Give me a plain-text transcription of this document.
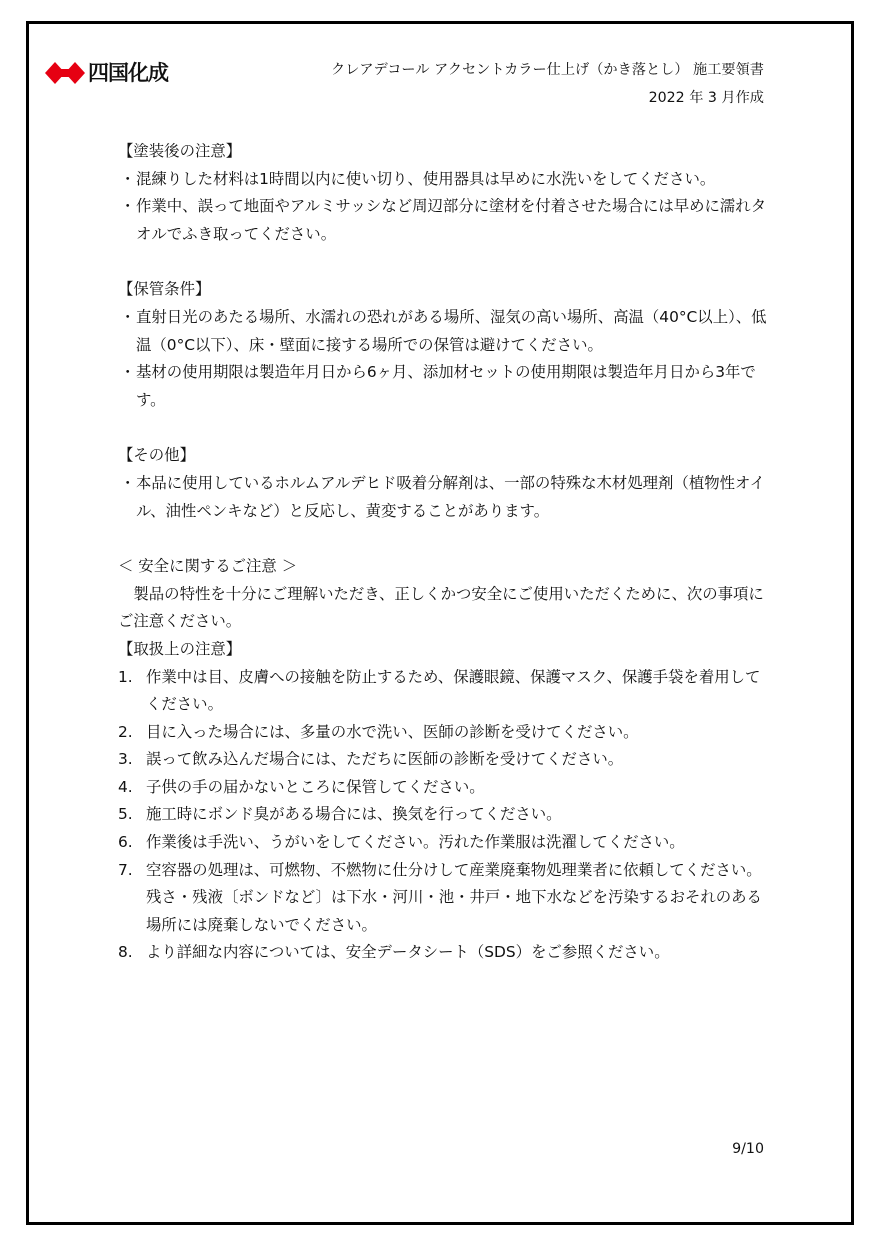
四国化成	クレアデコール アクセントカラー仕上げ（かき落とし） 施工要領書
2022 年 3 月作成

【塗装後の注意】

・ 混練りした材料は1時間以内に使い切り、使用器具は早めに水洗いをしてください。
・ 作業中、誤って地面やアルミサッシなど周辺部分に塗材を付着させた場合には早めに濡れタオルでふき取ってください。

【保管条件】

・ 直射日光のあたる場所、水濡れの恐れがある場所、湿気の高い場所、高温（40°C以上）、低温（0°C以下）、床・壁面に接する場所での保管は避けてください。
・ 基材の使用期限は製造年月日から6ヶ月、添加材セットの使用期限は製造年月日から3年です。

【その他】

・ 本品に使用しているホルムアルデヒド吸着分解剤は、一部の特殊な木材処理剤（植物性オイル、油性ペンキなど）と反応し、黄変することがあります。

＜ 安全に関するご注意 ＞

製品の特性を十分にご理解いただき、正しくかつ安全にご使用いただくために、次の事項にご注意ください。

【取扱上の注意】

1. 作業中は目、皮膚への接触を防止するため、保護眼鏡、保護マスク、保護手袋を着用してください。
2. 目に入った場合には、多量の水で洗い、医師の診断を受けてください。
3. 誤って飲み込んだ場合には、ただちに医師の診断を受けてください。
4. 子供の手の届かないところに保管してください。
5. 施工時にボンド臭がある場合には、換気を行ってください。
6. 作業後は手洗い、うがいをしてください。汚れた作業服は洗濯してください。
7. 空容器の処理は、可燃物、不燃物に仕分けして産業廃棄物処理業者に依頼してください。残さ・残液〔ボンドなど〕は下水・河川・池・井戸・地下水などを汚染するおそれのある場所には廃棄しないでください。
8. より詳細な内容については、安全データシート（SDS）をご参照ください。
9/10
